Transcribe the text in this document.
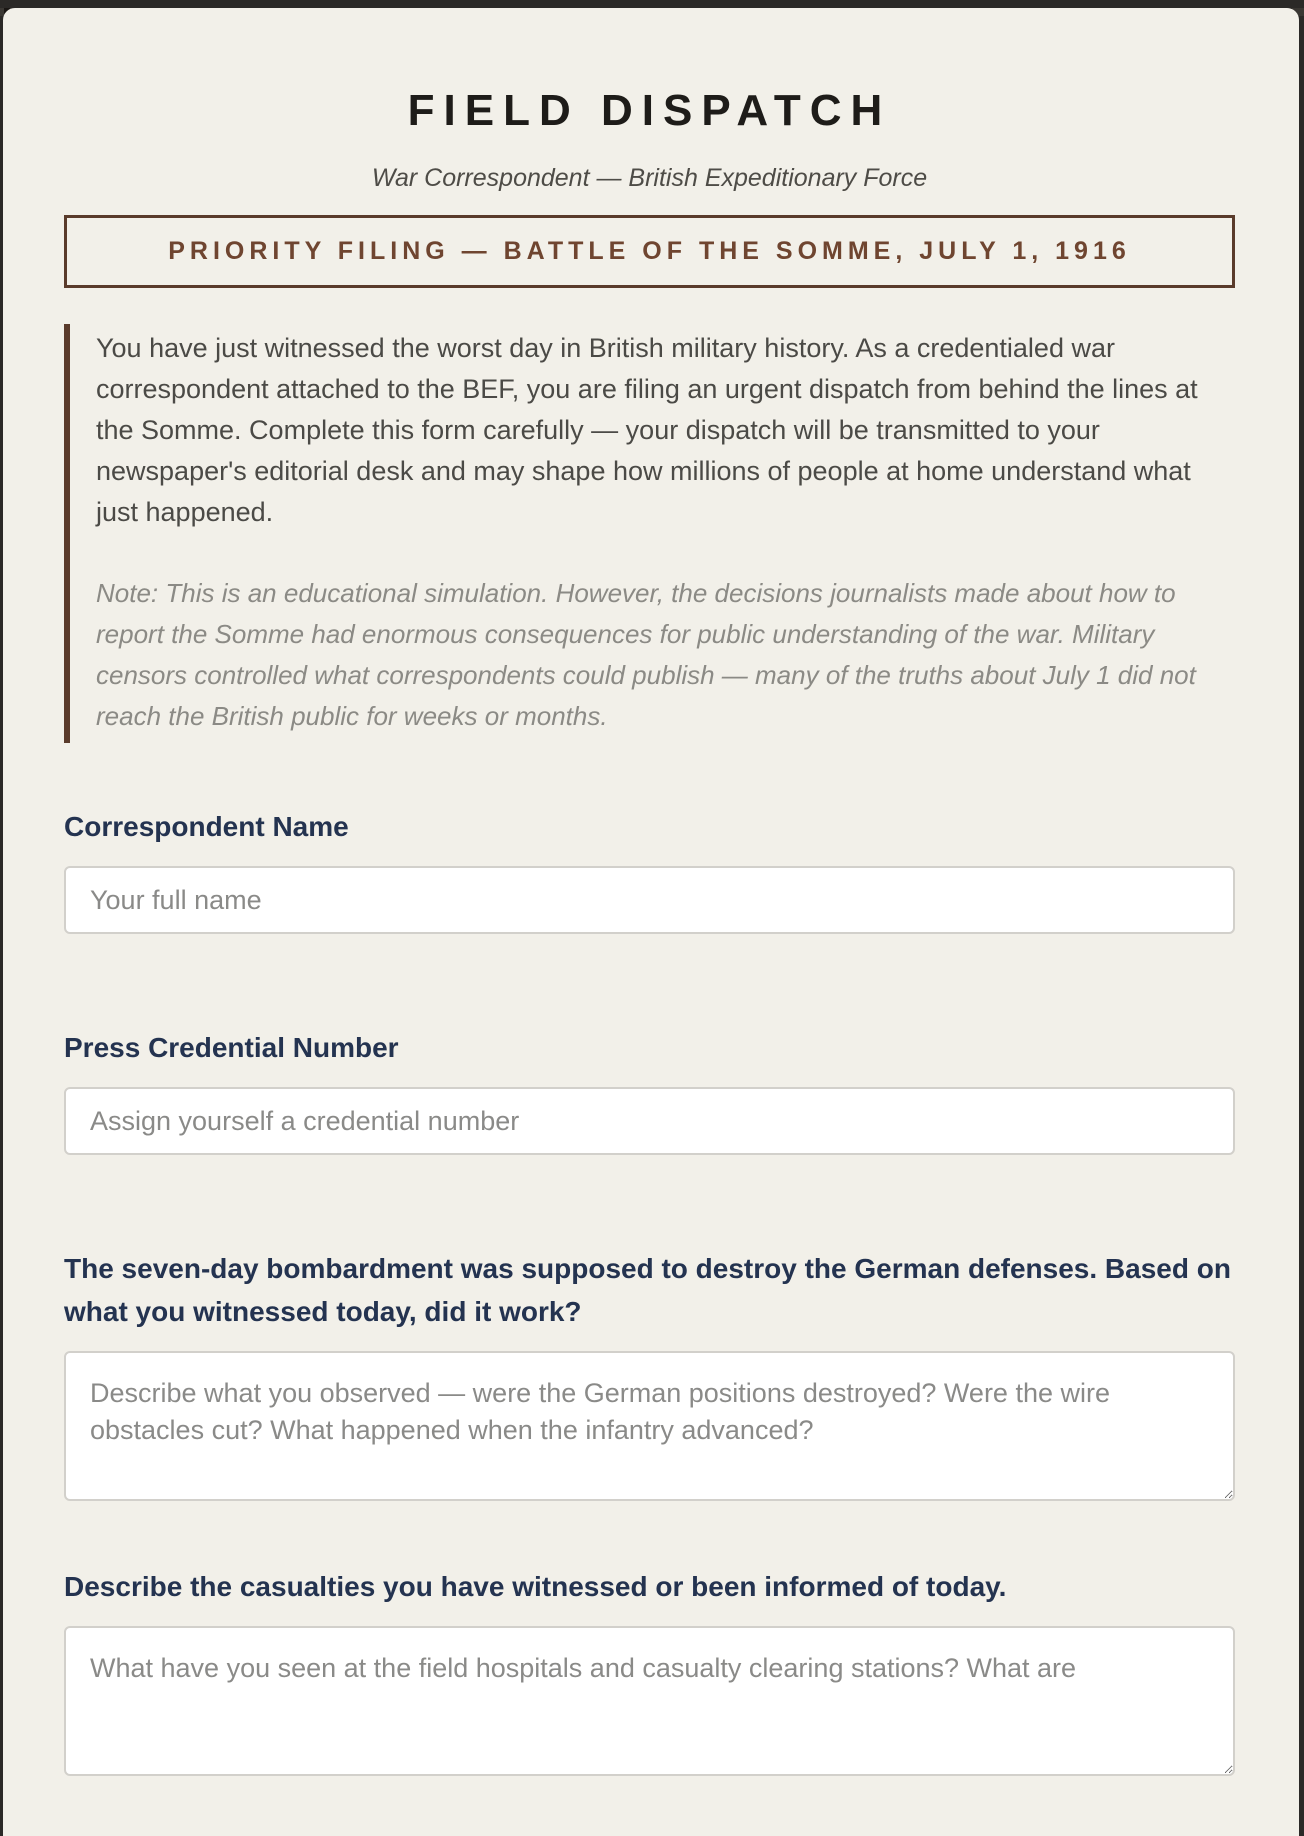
FIELD DISPATCH

War Correspondent — British Expeditionary Force

PRIORITY FILING — BATTLE OF THE SOMME, JULY 1, 1916

You have just witnessed the worst day in British military history. As a credentialed war correspondent attached to the BEF, you are filing an urgent dispatch from behind the lines at the Somme. Complete this form carefully — your dispatch will be transmitted to your newspaper's editorial desk and may shape how millions of people at home understand what just happened.

Note: This is an educational simulation. However, the decisions journalists made about how to report the Somme had enormous consequences for public understanding of the war. Military censors controlled what correspondents could publish — many of the truths about July 1 did not reach the British public for weeks or months.

Correspondent Name
Your full name
Press Credential Number
Assign yourself a credential number
The seven-day bombardment was supposed to destroy the German defenses. Based on what you witnessed today, did it work?
Describe what you observed — were the German positions destroyed? Were the wire obstacles cut? What happened when the infantry advanced?
Describe the casualties you have witnessed or been informed of today.
What have you seen at the field hospitals and casualty clearing stations? What are
